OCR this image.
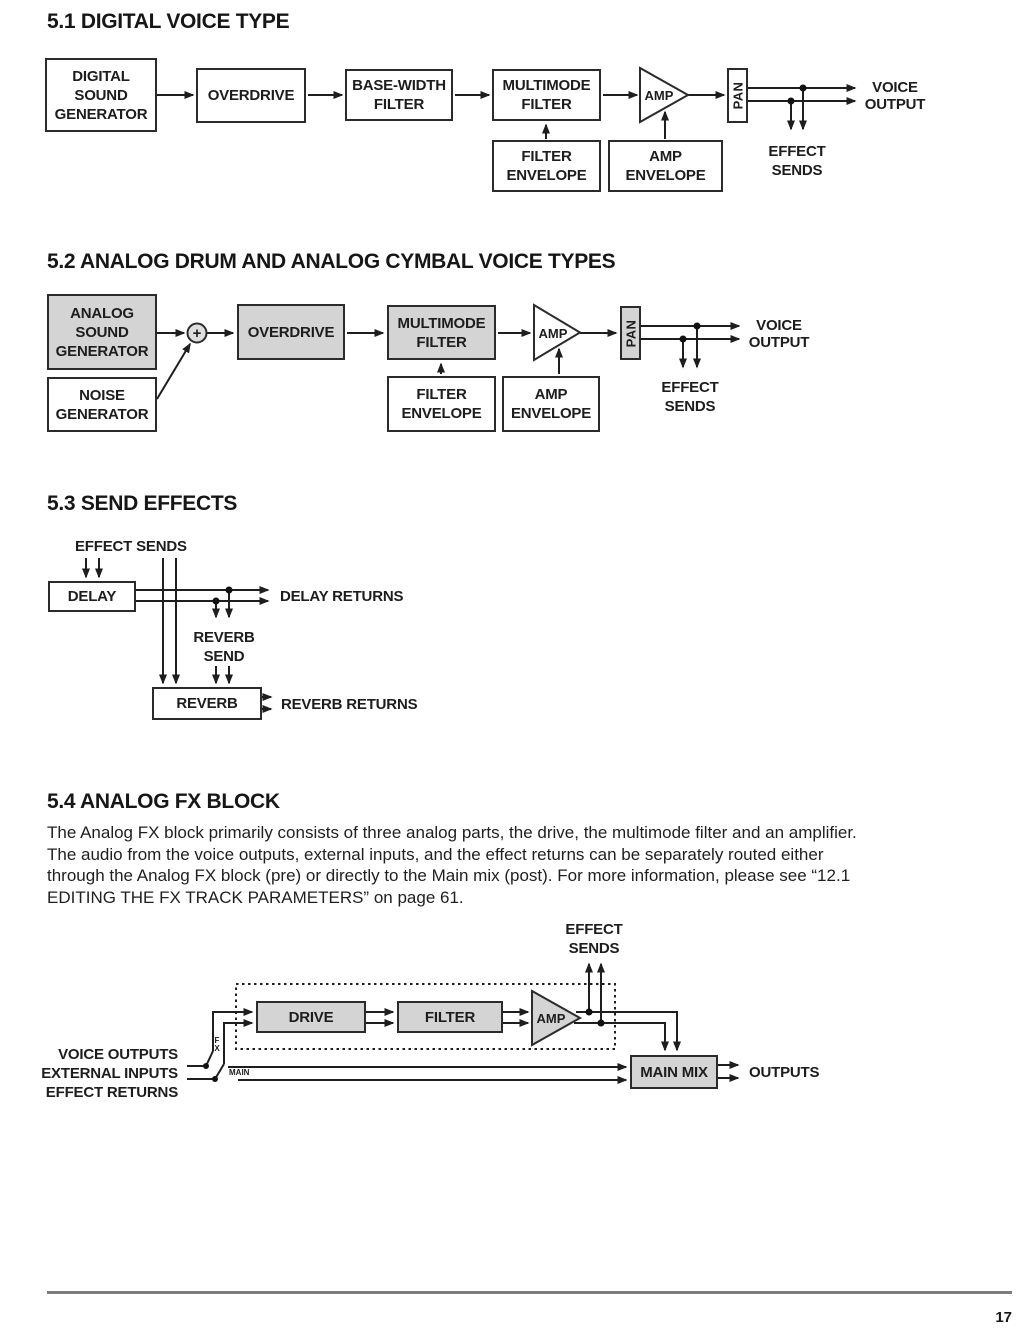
5.1 DIGITAL VOICE TYPE
DIGITAL
SOUND
GENERATOR
OVERDRIVE
BASE-WIDTH
FILTER
MULTIMODE
FILTER
FILTER
ENVELOPE
AMP
ENVELOPE
AMP	PAN	VOICE
OUTPUT
EFFECT
SENDS
5.2 ANALOG DRUM AND ANALOG CYMBAL VOICE TYPES
ANALOG
SOUND
GENERATOR
NOISE
GENERATOR
+	OVERDRIVE
MULTIMODE
FILTER
FILTER
ENVELOPE
AMP
ENVELOPE
AMP	PAN	VOICE
OUTPUT
EFFECT
SENDS
5.3 SEND EFFECTS
EFFECT SENDS
DELAY	DELAY RETURNS
REVERB
SEND
REVERB	REVERB RETURNS
5.4 ANALOG FX BLOCK
The Analog FX block primarily consists of three analog parts, the drive, the multimode filter and an amplifier.
The audio from the voice outputs, external inputs, and the effect returns can be separately routed either
through the Analog FX block (pre) or directly to the Main mix (post). For more information, please see “12.1
EDITING THE FX TRACK PARAMETERS” on page 61.
EFFECT
SENDS
DRIVE	FILTER	AMP
MAIN MIX	OUTPUTS
VOICE OUTPUTS
EXTERNAL INPUTS
EFFECT RETURNS
F
X
MAIN
17
